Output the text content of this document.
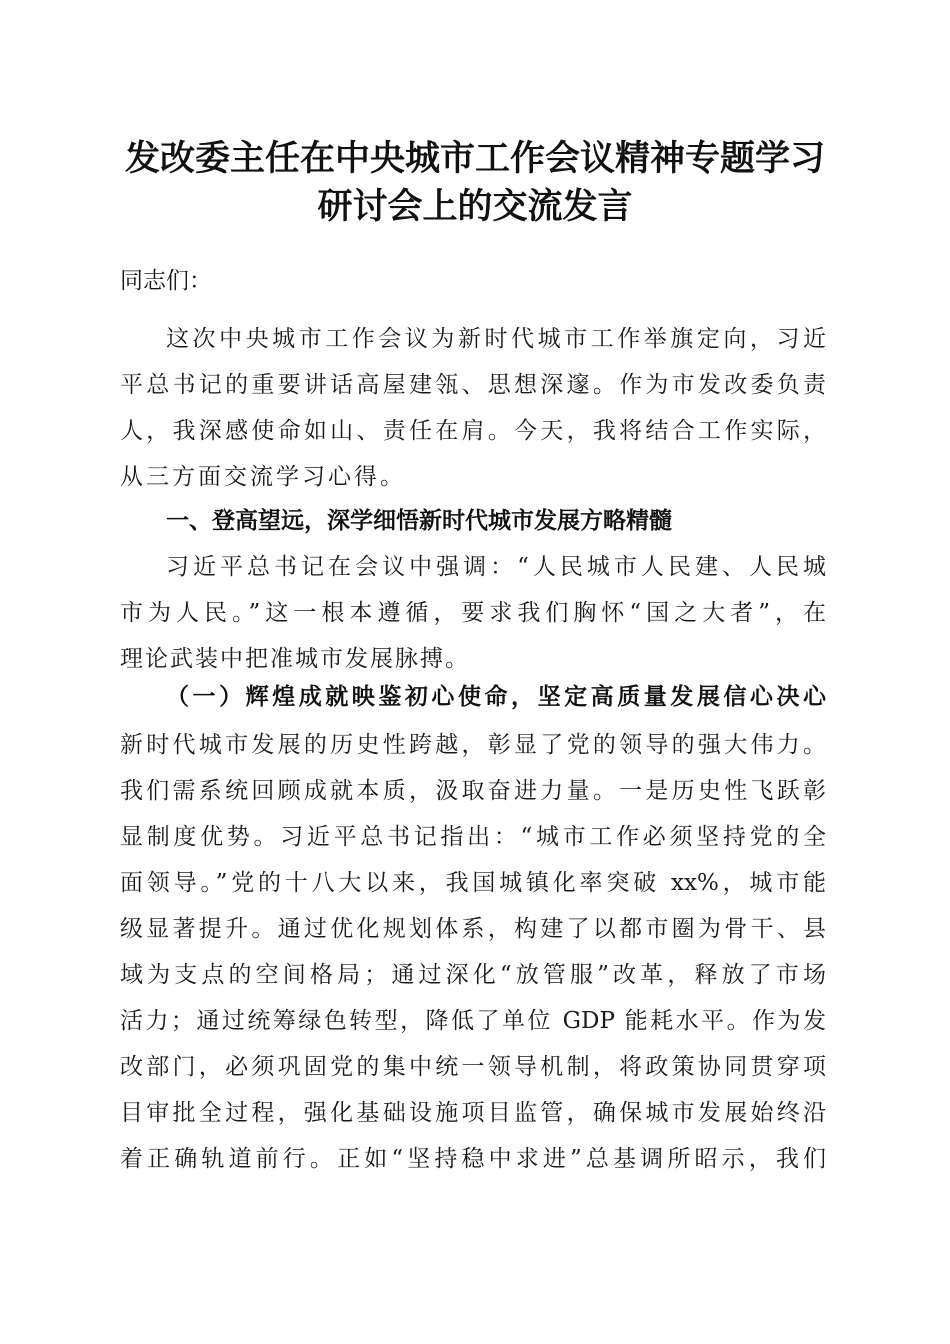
发改委主任在中央城市工作会议精神专题学习
研讨会上的交流发言
同志们：
这次中央城市工作会议为新时代城市工作举旗定向，习近
平总书记的重要讲话高屋建瓴、思想深邃。作为市发改委负责
人，我深感使命如山、责任在肩。今天，我将结合工作实际，
从三方面交流学习心得。
一、登高望远，深学细悟新时代城市发展方略精髓
习近平总书记在会议中强调：“人民城市人民建、人民城
市为人民。”这一根本遵循，要求我们胸怀“国之大者”，在
理论武装中把准城市发展脉搏。
（一）辉煌成就映鉴初心使命，坚定高质量发展信心决心
新时代城市发展的历史性跨越，彰显了党的领导的强大伟力。
我们需系统回顾成就本质，汲取奋进力量。一是历史性飞跃彰
显制度优势。习近平总书记指出：“城市工作必须坚持党的全
面领导。”党的十八大以来，我国城镇化率突破 xx%，城市能
级显著提升。通过优化规划体系，构建了以都市圈为骨干、县
域为支点的空间格局；通过深化“放管服”改革，释放了市场
活力；通过统筹绿色转型，降低了单位 GDP 能耗水平。作为发
改部门，必须巩固党的集中统一领导机制，将政策协同贯穿项
目审批全过程，强化基础设施项目监管，确保城市发展始终沿
着正确轨道前行。正如“坚持稳中求进”总基调所昭示，我们
